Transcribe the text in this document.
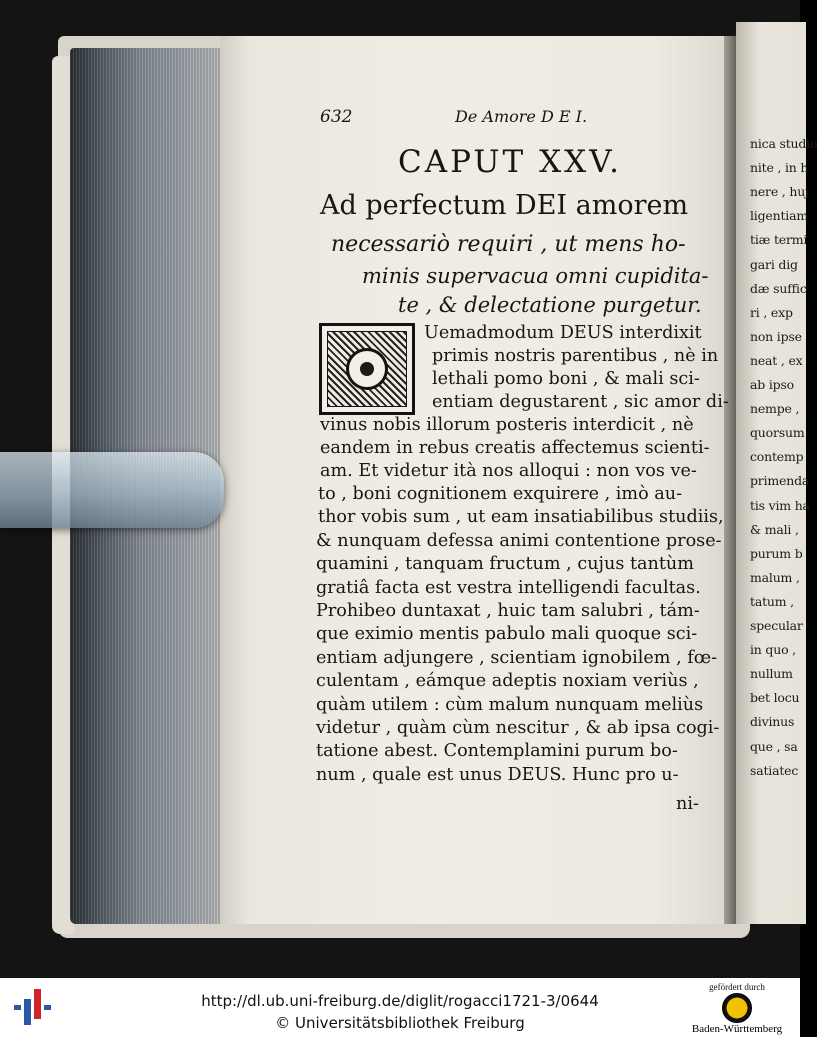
nica studio
nite , in h
nere , huj
ligentiam
tiæ termi
gari dig
dæ suffic
ri , exp
non ipse
neat , ex
ab ipso
nempe ,
quorsum
contemp
primenda
tis vim ha
& mali ,
purum b
malum ,
tatum ,
specular
in quo ,
nullum
bet locu
divinus
que , sa
satiatec
632	De Amore D E I.
CAPUT XXV.
Ad perfectum DEI amorem
necessariò requiri , ut mens ho-
minis supervacua omni cupidita-
te , & delectatione purgetur.
Uemadmodum DEUS interdixit
primis nostris parentibus , nè in
lethali pomo boni , & mali sci-
entiam degustarent , sic amor di-
vinus nobis illorum posteris interdicit , nè
eandem in rebus creatis affectemus scienti-
am. Et videtur ità nos alloqui : non vos ve-
to , boni cognitionem exquirere , imò au-
thor vobis sum , ut eam insatiabilibus studiis,
& nunquam defessa animi contentione prose-
quamini , tanquam fructum , cujus tantùm
gratiâ facta est vestra intelligendi facultas.
Prohibeo duntaxat , huic tam salubri , tám-
que eximio mentis pabulo mali quoque sci-
entiam adjungere , scientiam ignobilem , fœ-
culentam , eámque adeptis noxiam veriùs ,
quàm utilem : cùm malum nunquam meliùs
videtur , quàm cùm nescitur , & ab ipsa cogi-
tatione abest. Contemplamini purum bo-
num , quale est unus DEUS. Hunc pro u-
ni-
http://dl.ub.uni-freiburg.de/diglit/rogacci1721-3/0644
© Universitätsbibliothek Freiburg
gefördert durch
Baden-Württemberg
